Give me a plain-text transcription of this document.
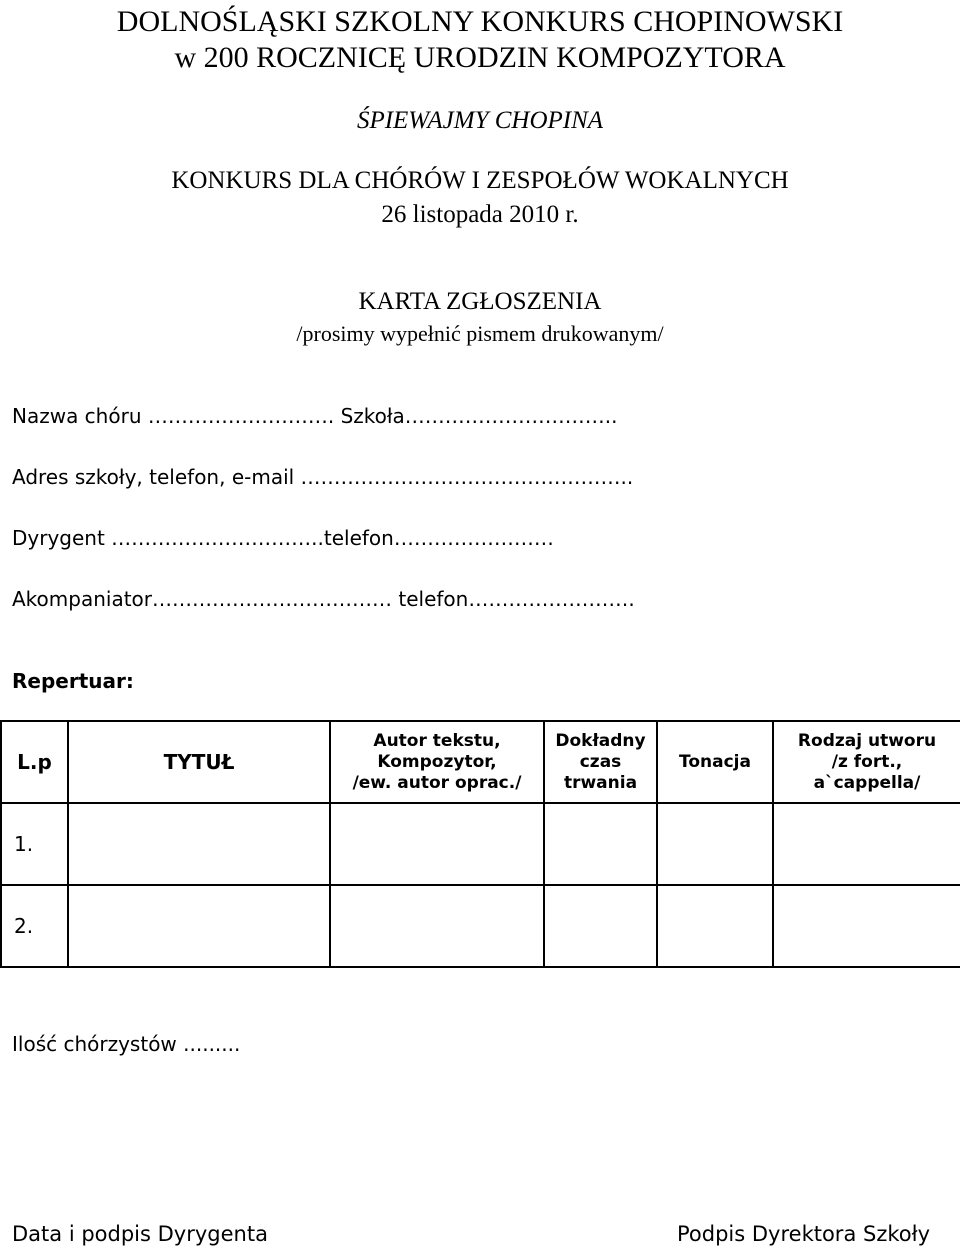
DOLNOŚLĄSKI SZKOLNY KONKURS CHOPINOWSKI
w 200 ROCZNICĘ URODZIN KOMPOZYTORA
ŚPIEWAJMY CHOPINA
KONKURS DLA CHÓRÓW I ZESPOŁÓW WOKALNYCH
26 listopada 2010 r.
KARTA ZGŁOSZENIA
/prosimy wypełnić pismem drukowanym/
Nazwa chóru ………………………. Szkoła…………………………..
Adres szkoły, telefon, e-mail …………………………………………..
Dyrygent …………………………..telefon……………………
Akompaniator……………………………… telefon…………………….
Repertuar:
L.p	TYTUŁ	Autor tekstu,
Kompozytor,
/ew. autor oprac./	Dokładny
czas
trwania	Tonacja	Rodzaj utworu
/z fort.,
a`cappella/
1.					
2.					
Ilość chórzystów .........
Data i podpis Dyrygenta	Podpis Dyrektora Szkoły
